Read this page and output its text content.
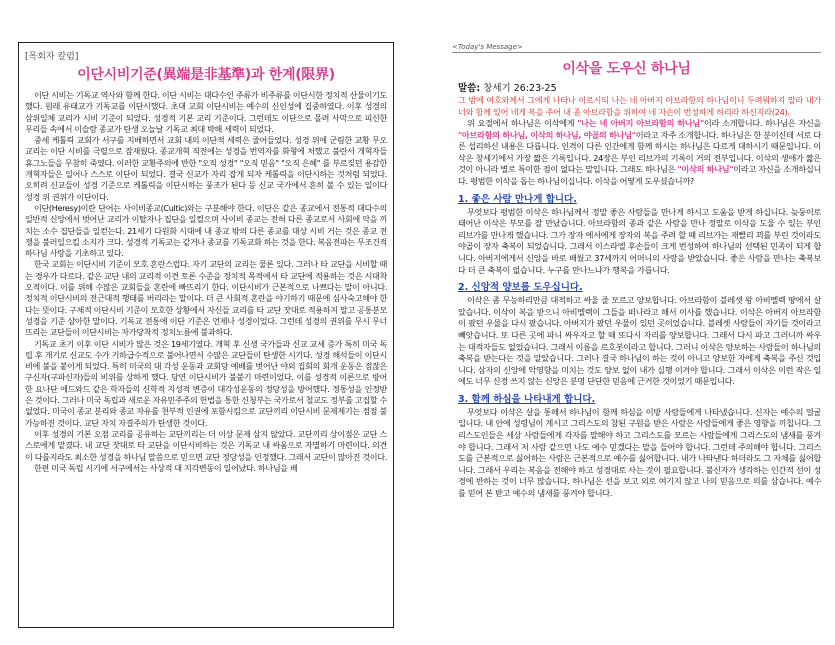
[목회자 칼럼]
이단시비기준(異端是非基準)과 한계(限界)

이단 시비는 기독교 역사와 함께 한다. 이단 시비는 대다수인 주류가 비주류를 이단시한 정치적 산물이기도 했다. 원래 유태교가 기독교를 이단시했다. 초대 교회 이단시비는 예수의 신인성에 집중하였다. 이후 성경의 삼위일체 교리가 시비 기준이 되었다. 성경적 기본 교리 기준이다. 그런데도 이단으로 몰려 사막으로 피신한 무리들 속에서 이슬람 종교가 탄생 오늘날 기독교 최대 박해 세력이 되었다.

중세 케톨릭 교회가 서구를 지배하면서 교회 내의 이단적 세력은 줄어들었다. 성경 위에 군림한 교황 무오 교리는 이단 시비를 극렬으로 잠재웠다. 종교개혁 직전에는 성경을 번역자를 화형에 처했고 불란서 개혁자들 휴그노들을 무참히 죽였다. 이러한 교황주의에 반한 "오직 성경" "오직 믿음" "오직 은혜" 를 부르짖던 용감한 개혁자들은 일어나 스스로 이단이 되었다. 결국 신교가 자리 잡게 되자 케톨릭을 이단시하는 것처럼 되었다. 오히려 신교들이 성경 기준으로 케톨릭을 이단시하는 풍조가 된다 등 신교 국가에서 흔히 볼 수 있는 일이다 성경 위 권위가 이단이다.

이단(Heresy)이란 단어는 사이비종교(Cultic)와는 구분해야 한다. 이단은 같은 종교에서 전통적 대다수의 일반적 신앙에서 벗어난 교리가 이탈자나 집단을 일컬으며 사이비 종교는 전혀 다른 종교로서 사회에 악을 끼치는 소수 집단들을 일컫는다. 21세기 다원화 시대에 내 종교 밖의 다른 종교를 대상 시비 거는 것은 종교 전쟁을 불러일으킬 소지가 크다. 성경적 기독교는 같거나 종교를 기독교화 하는 것을 한다. 복음전파는 무조건적 하나님 사랑을 기초하고 있다.

한국 교회는 이단시비 기준이 모호 혼란스럽다. 자기 교단의 교리는 물론 있다. 그러나 타 교단을 시비할 때는 경우가 다르다. 같은 교단 내의 교리적 이견 토론 수준을 정치적 목적에서 타 교단에 적용하는 것은 시대착오적이다. 이를 위해 수많은 교회들을 혼란에 빠뜨리기 한다. 이단시비가 근본적으로 나쁘다는 말이 아니다. 정치적 이단시비의 전근대적 행태를 버리라는 말이다. 더 큰 사회적 혼란을 야기하기 때문에 심사숙고해야 한다는 뜻이다. 구체적 이단시비 기준이 모호한 상황에서 자신들 교리를 타 교단 잣대로 적용하지 말고 공통분모 성경을 기준 삼아한 말이다. 기독교 전통에 이단 기준은 언제나 성경이었다. 그런데 성경의 권위를 무시 무너뜨리는 교단들이 이단시비는 자가당착적 정치노름에 불과하다.

기독교 초기 이후 이단 시비가 많은 것은 19세기였다. 개혁 후 신생 국가들과 신교 교세 증가 특히 미국 독립 후 개기로 신교도 수가 기하급수적으로 불어나면서 수많은 교단들이 탄생한 시기다. 성경 해석들이 이단시비에 불을 붙이게 되었다. 특히 미국의 대 각성 운동과 교회당 예배를 벗어난 야외 집회의 회개 운동은 점잖은 구신자(구파신자)들의 비위를 상하게 했다. 당연 이단시비가 불붙기 마련이었다. 이를 성경적 이론으로 방어한 요나단 에드와드 같은 학자들의 신학적 지성적 변증이 대각성운동의 정당성을 방어했다. 정통성을 인정받은 것이다. 그러나 미국 독립과 새로운 자유민주주의 헌법을 통한 신청부는 국가로서 철교도 정부를 고집할 수 없었다. 미국이 종교 분리와 종교 자유를 천부적 인권에 포함시킴으로 교단끼리 이단시비 문제제기는 점점 불가능하진 것이다. 교단 자치 자결주의가 탄생한 것이다.

이후 성경의 기본 오점 교리를 공유하는 교단끼리는 더 이상 문제 삼지 않았다. 교단끼리 상이점은 교단 스스로에게 맡겼다. 내 교단 잣대로 타 교단을 이단시비하는 것은 기독교 내 싸움으로 자멸하기 마련이다. 의견이 다를지라도 최소한 성경을 하나님 말씀으로 믿으면 교단 정당성을 인정했다. 그래서 교단이 많아진 것이다.

한편 미국 독립 시기에 서구에서는 사상적 대 지각변동이 일어났다. 하나님을 배

<Today's Message>
이삭을 도우신 하나님
말씀: 창세기 26:23-25

그 밤에 여호와께서 그에게 나타나 이르시되 나는 네 아버지 아브라함의 하나님이니 두려워하지 말라 내가 너와 함께 있어 네게 복을 주어 내 종 아브라함을 위하여 네 자손이 번성하게 하리라 하신지라(24).

위 요절에서 하나님은 이삭에게 "나는 네 아버지 아브라함의 하나님"이라 소개합니다. 하나님은 자신을 "아브라함의 하나님, 이삭의 하나님, 야곱의 하나님"이라고 자주 소개합니다. 하나님은 한 분이신데 서로 다른 섭리하신 내용은 다릅니다. 인격이 다른 인간에게 함께 하시는 하나님은 다르게 대하시기 때문입니다. 이삭은 창세기에서 가장 짧은 기록입니다. 24장은 부인 리브가의 기록이 거의 전부입니다. 이삭의 생애가 짧은 것이 아니라 별로 특이한 점이 없다는 말입니다. 그래도 하나님은 "이삭의 하나님"이라고 자신을 소개하십니다. 평범한 이삭을 돕는 하나님이십니다. 이삭을 어떻게 도우셨습니까?

1. 좋은 사람 만나게 합니다.

무엇보다 평범한 이삭은 하나님께서 정말 좋은 사람들을 만나게 하시고 도움을 받게 하십니다. 늦둥이로 태어난 이삭은 부모를 잘 만났습니다. 아브라함의 종과 같은 사람을 만나 정말로 이삭을 도울 수 있는 부인 리브가를 만나게 했습니다. 그가 장자 에서에게 장자의 복을 주려 할 때 리브가는 재빨리 꾀를 부린 것이라도 야곱이 장자 축복이 되었습니다. 그래서 이스라엘 후손들이 크게 번성하여 하나님의 선택된 민족이 되게 합니다. 아버지에게서 신앙을 바로 배웠고 37세까지 어머니의 사랑을 받았습니다. 좋은 사람을 만나는 축복보다 더 큰 축복이 없습니다. 누구를 만나느냐가 행복을 가릅니다.

2. 신앙적 양보를 도우십니다.

이삭은 좀 무능하리만큼 대적하고 싸울 줄 모르고 양보합니다. 아브라함이 블레셋 왕 아비멜렉 땅에서 살았습니다. 이삭이 복을 받으니 아비멜렉이 그들을 떠나라고 해서 이사를 했습니다. 이삭은 아버지 아브라함이 팠던 우물을 다시 팠습니다. 아버지가 팠던 우물이 있던 곳이었습니다. 블레셋 사람들이 자기들 것이라고 빼앗습니다. 또 다른 곳에 파니 싸우자고 할 때 또다시 자리를 양보합니다. 그래서 다시 파고 그러니까 싸우는 대적자들도 없었습니다. 그래서 이름을 르호봇이라고 합니다. 그러니 이삭은 양보하는 사람들이 하나님의 축복을 받는다는 것을 알았습니다. 그러나 결국 하나님이 하는 것이 아니고 양보한 자에게 축복을 주신 것입니다. 삼자의 신앙에 악영향을 미치는 것도 양보 없이 내가 실행 이겨야 합니다. 그래서 이삭은 이런 작은 일에도 너무 신경 쓰지 않는 신앙은 분명 단단한 믿음에 근거한 것이었기 때문입니다.

3. 함께 하심을 나타내게 합니다.

무엇보다 이삭은 살을 통해서 하나님이 함께 하심을 이방 사람들에게 나타냈습니다. 신자는 예수의 얼굴입니다. 내 안에 성령님이 계시고 그리스도의 참된 구원을 받은 사람은 사람들에게 좋은 영향을 끼칩니다. 그리스도인들은 세상 사람들에게 각자를 말해야 하고 그리스도를 모르는 사람들에게 그리스도의 냄새를 풍겨야 합니다. 그래서 저 사람 같으면 나도 예수 믿겠다는 말을 들어야 합니다. 그런데 주의해야 합니다. 그리스도를 근본적으로 싫어하는 사람은 근본적으로 예수를 싫어합니다. 내가 나타낸다 하더라도 그 자체를 싫어합니다. 그래서 우리는 복음을 전해야 하고 성경대로 사는 것이 필요합니다. 불신자가 생각하는 인간적 선이 성경에 반하는 것이 너무 많습니다. 하나님은 선을 보고 외로 여기지 않고 나의 믿음으로 의를 삼습니다. 예수를 믿어 본 받고 예수의 냄새를 풍겨야 합니다.
